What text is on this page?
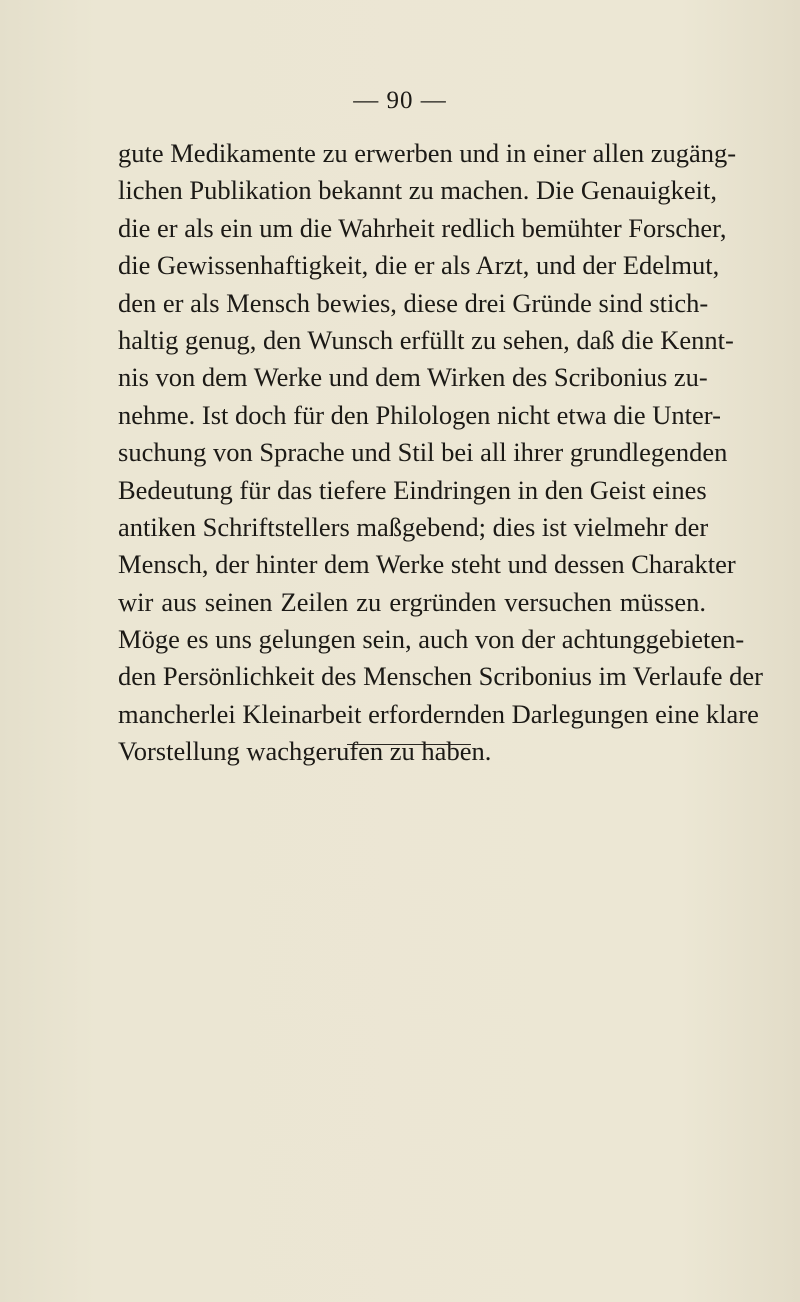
— 90 —
gute Medikamente zu erwerben und in einer allen zugäng-
lichen Publikation bekannt zu machen. Die Genauigkeit,
die er als ein um die Wahrheit redlich bemühter Forscher,
die Gewissenhaftigkeit, die er als Arzt, und der Edelmut,
den er als Mensch bewies, diese drei Gründe sind stich-
haltig genug, den Wunsch erfüllt zu sehen, daß die Kennt-
nis von dem Werke und dem Wirken des Scribonius zu-
nehme. Ist doch für den Philologen nicht etwa die Unter-
suchung von Sprache und Stil bei all ihrer grundlegenden
Bedeutung für das tiefere Eindringen in den Geist eines
antiken Schriftstellers maßgebend; dies ist vielmehr der
Mensch, der hinter dem Werke steht und dessen Charakter
wir aus seinen Zeilen zu ergründen versuchen müssen.
Möge es uns gelungen sein, auch von der achtunggebieten-
den Persönlichkeit des Menschen Scribonius im Verlaufe der
mancherlei Kleinarbeit erfordernden Darlegungen eine klare
Vorstellung wachgerufen zu haben.
